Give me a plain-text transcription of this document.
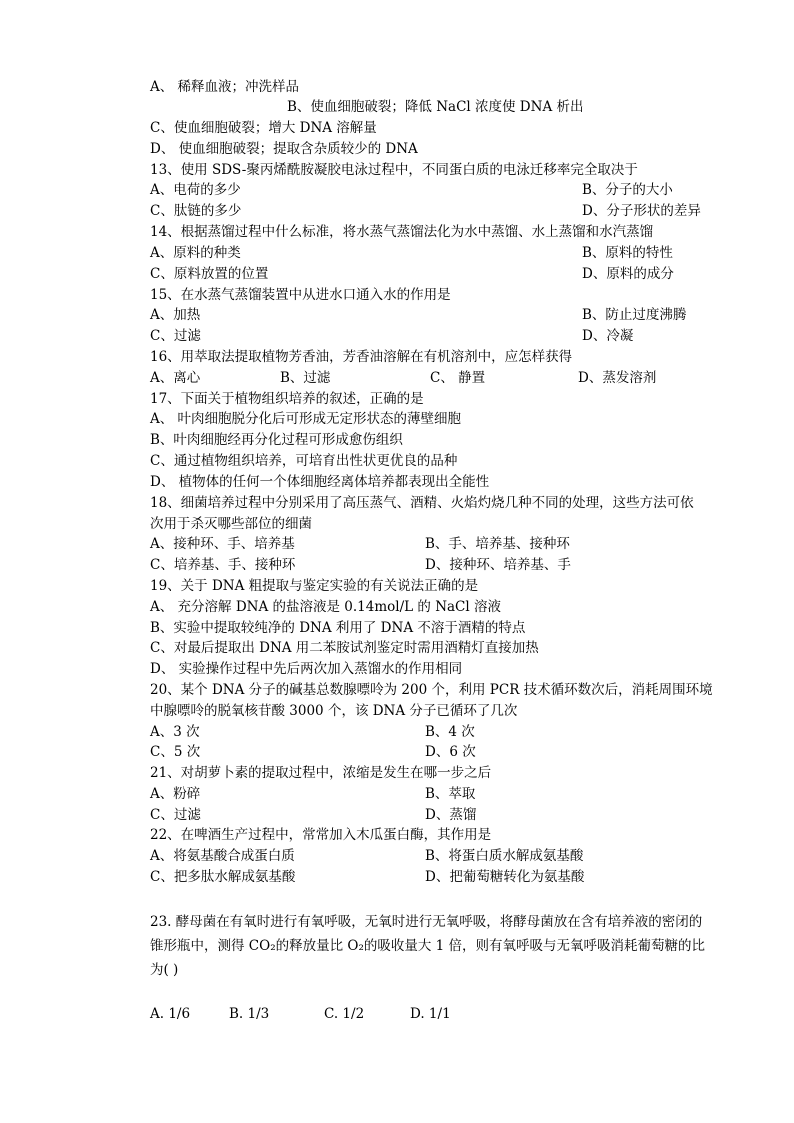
A、 稀释血液；冲洗样品
B、使血细胞破裂；降低 NaCl 浓度使 DNA 析出
C、使血细胞破裂；增大 DNA 溶解量
D、 使血细胞破裂；提取含杂质较少的 DNA
13、使用 SDS-聚丙烯酰胺凝胶电泳过程中，不同蛋白质的电泳迁移率完全取决于
A、电荷的多少	B、分子的大小
C、肽链的多少	D、分子形状的差异
14、根据蒸馏过程中什么标准，将水蒸气蒸馏法化为水中蒸馏、水上蒸馏和水汽蒸馏
A、原料的种类	B、原料的特性
C、原料放置的位置	D、原料的成分
15、在水蒸气蒸馏装置中从进水口通入水的作用是
A、加热	B、防止过度沸腾
C、过滤	D、冷凝
16、用萃取法提取植物芳香油，芳香油溶解在有机溶剂中，应怎样获得
A、离心	B、过滤	C、 静置	D、蒸发溶剂
17、下面关于植物组织培养的叙述，正确的是
A、 叶肉细胞脱分化后可形成无定形状态的薄壁细胞
B、叶肉细胞经再分化过程可形成愈伤组织
C、通过植物组织培养，可培育出性状更优良的品种
D、 植物体的任何一个体细胞经离体培养都表现出全能性
18、细菌培养过程中分别采用了高压蒸气、酒精、火焰灼烧几种不同的处理，这些方法可依
次用于杀灭哪些部位的细菌
A、接种环、手、培养基	B、手、培养基、接种环
C、培养基、手、接种环	D、接种环、培养基、手
19、关于 DNA 粗提取与鉴定实验的有关说法正确的是
A、 充分溶解 DNA 的盐溶液是 0.14mol/L 的 NaCl 溶液
B、实验中提取较纯净的 DNA 利用了 DNA 不溶于酒精的特点
C、对最后提取出 DNA 用二苯胺试剂鉴定时需用酒精灯直接加热
D、 实验操作过程中先后两次加入蒸馏水的作用相同
20、某个 DNA 分子的碱基总数腺嘌呤为 200 个，利用 PCR 技术循环数次后，消耗周围环境
中腺嘌呤的脱氧核苷酸 3000 个，该 DNA 分子已循环了几次
A、3 次	B、4 次
C、5 次	D、6 次
21、对胡萝卜素的提取过程中，浓缩是发生在哪一步之后
A、粉碎	B、萃取
C、过滤	D、蒸馏
22、在啤酒生产过程中，常常加入木瓜蛋白酶，其作用是
A、将氨基酸合成蛋白质	B、将蛋白质水解成氨基酸
C、把多肽水解成氨基酸	D、把葡萄糖转化为氨基酸
23. 酵母菌在有氧时进行有氧呼吸，无氧时进行无氧呼吸，将酵母菌放在含有培养液的密闭的
锥形瓶中，测得 CO₂的释放量比 O₂的吸收量大 1 倍，则有氧呼吸与无氧呼吸消耗葡萄糖的比
为( )
A. 1/6	B. 1/3	C. 1/2	D. 1/1
